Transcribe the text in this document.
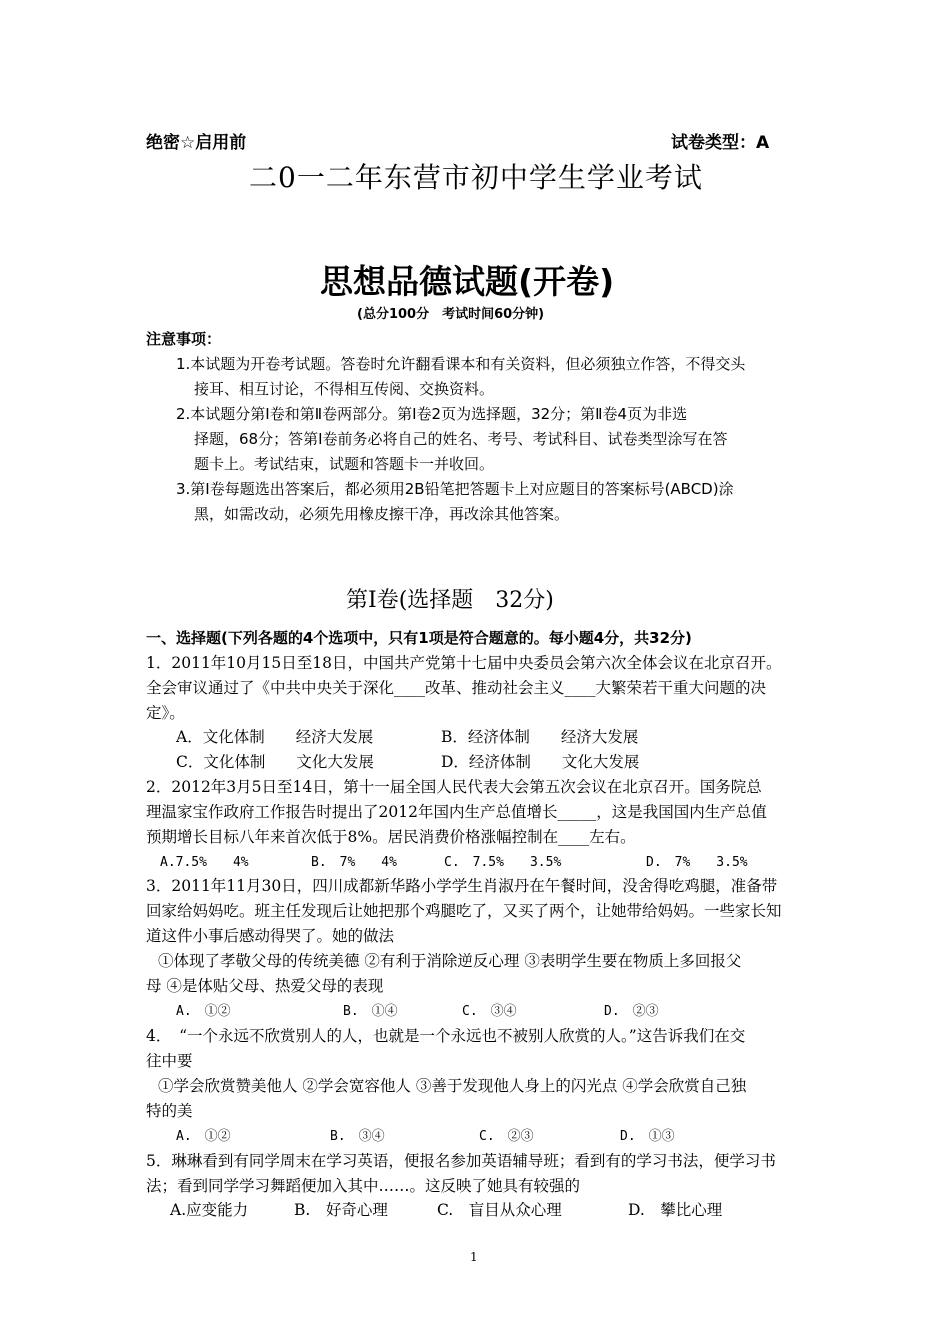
绝密☆启用前	试卷类型：A
二0一二年东营市初中学生学业考试
思想品德试题(开卷)
(总分100分　考试时间60分钟)
注意事项：
1.本试题为开卷考试题。答卷时允许翻看课本和有关资料，但必须独立作答，不得交头
接耳、相互讨论，不得相互传阅、交换资料。
2.本试题分第Ⅰ卷和第Ⅱ卷两部分。第Ⅰ卷2页为选择题，32分；第Ⅱ卷4页为非选
择题，68分；答第Ⅰ卷前务必将自己的姓名、考号、考试科目、试卷类型涂写在答
题卡上。考试结束，试题和答题卡一并收回。
3.第Ⅰ卷每题选出答案后，都必须用2B铅笔把答题卡上对应题目的答案标号(ABCD)涂
黑，如需改动，必须先用橡皮擦干净，再改涂其他答案。
第Ⅰ卷(选择题　32分)
一、选择题(下列各题的4个选项中，只有1项是符合题意的。每小题4分，共32分)
1．2011年10月15日至18日，中国共产党第十七届中央委员会第六次全体会议在北京召开。
全会审议通过了《中共中央关于深化____改革、推动社会主义____大繁荣若干重大问题的决
定》。
A．文化体制　　经济大发展	B．经济体制　　经济大发展
C．文化体制　　文化大发展	D．经济体制　　文化大发展
2．2012年3月5日至14日，第十一届全国人民代表大会第五次会议在北京召开。国务院总
理温家宝作政府工作报告时提出了2012年国内生产总值增长_____，这是我国国内生产总值
预期增长目标八年来首次低于8%。居民消费价格涨幅控制在____左右。
A.7.5%　　4%	B.　7%　　4%	C.　7.5%　　3.5%	D.　7%　　3.5%
3．2011年11月30日，四川成都新华路小学学生肖淑丹在午餐时间，没舍得吃鸡腿，准备带
回家给妈妈吃。班主任发现后让她把那个鸡腿吃了，又买了两个，让她带给妈妈。一些家长知
道这件小事后感动得哭了。她的做法
①体现了孝敬父母的传统美德 ②有利于消除逆反心理 ③表明学生要在物质上多回报父
母 ④是体贴父母、热爱父母的表现
A.　①②	B.　①④	C.　③④	D.　②③
4．　“一个永远不欣赏别人的人，也就是一个永远也不被别人欣赏的人。”这告诉我们在交
往中要
①学会欣赏赞美他人 ②学会宽容他人 ③善于发现他人身上的闪光点 ④学会欣赏自己独
特的美
A.　①②	B.　③④	C.　②③	D.　①③
5．琳琳看到有同学周末在学习英语，便报名参加英语辅导班；看到有的学习书法，便学习书
法；看到同学学习舞蹈便加入其中……。这反映了她具有较强的
A.应变能力	B.　好奇心理	C.　盲目从众心理	D.　攀比心理
1
